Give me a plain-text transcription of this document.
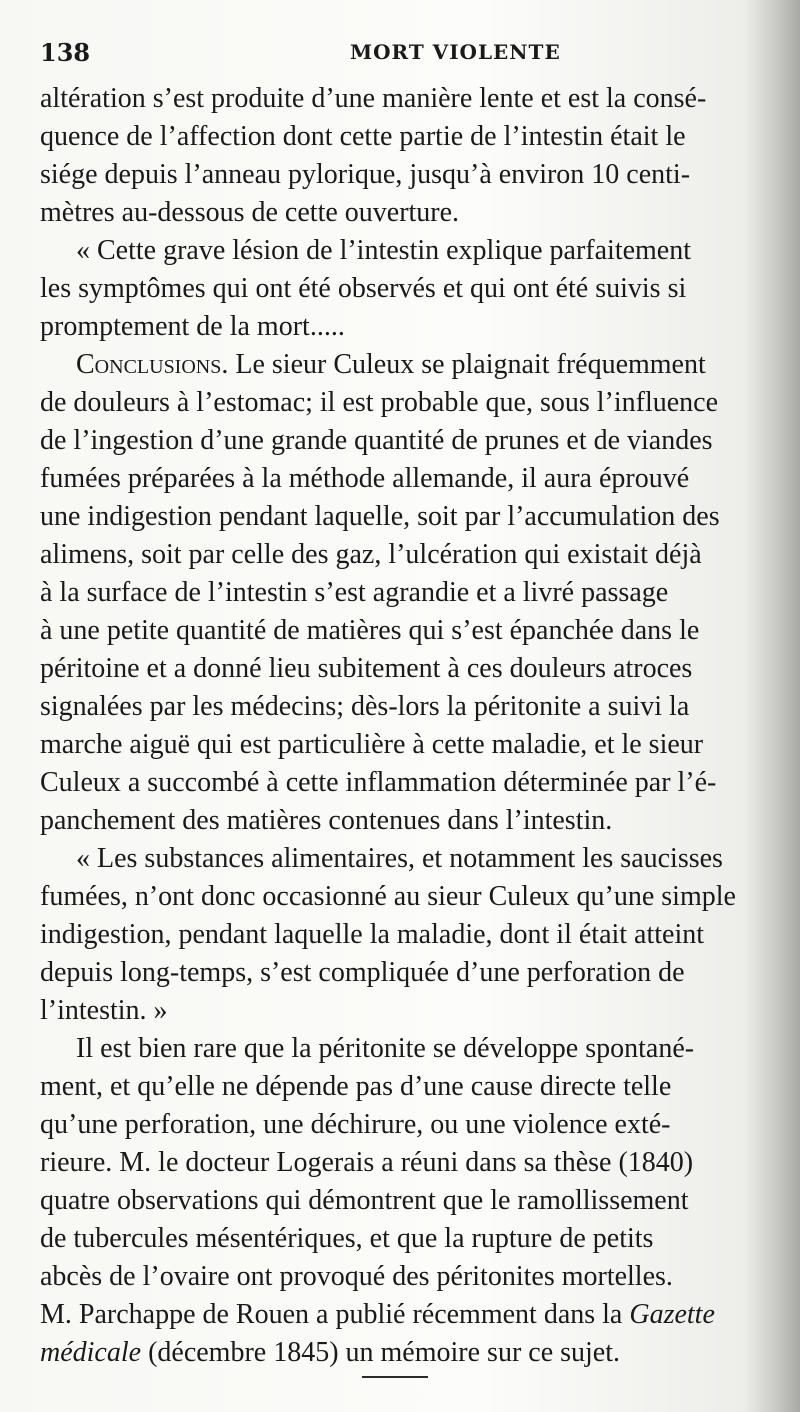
138	MORT VIOLENTE
altération s’est produite d’une manière lente et est la consé-
quence de l’affection dont cette partie de l’intestin était le
siége depuis l’anneau pylorique, jusqu’à environ 10 centi-
mètres au-dessous de cette ouverture.
« Cette grave lésion de l’intestin explique parfaitement
les symptômes qui ont été observés et qui ont été suivis si
promptement de la mort.....
Conclusions. Le sieur Culeux se plaignait fréquemment
de douleurs à l’estomac; il est probable que, sous l’influence
de l’ingestion d’une grande quantité de prunes et de viandes
fumées préparées à la méthode allemande, il aura éprouvé
une indigestion pendant laquelle, soit par l’accumulation des
alimens, soit par celle des gaz, l’ulcération qui existait déjà
à la surface de l’intestin s’est agrandie et a livré passage
à une petite quantité de matières qui s’est épanchée dans le
péritoine et a donné lieu subitement à ces douleurs atroces
signalées par les médecins; dès-lors la péritonite a suivi la
marche aiguë qui est particulière à cette maladie, et le sieur
Culeux a succombé à cette inflammation déterminée par l’é-
panchement des matières contenues dans l’intestin.
« Les substances alimentaires, et notamment les saucisses
fumées, n’ont donc occasionné au sieur Culeux qu’une simple
indigestion, pendant laquelle la maladie, dont il était atteint
depuis long-temps, s’est compliquée d’une perforation de
l’intestin. »
Il est bien rare que la péritonite se développe spontané-
ment, et qu’elle ne dépende pas d’une cause directe telle
qu’une perforation, une déchirure, ou une violence exté-
rieure. M. le docteur Logerais a réuni dans sa thèse (1840)
quatre observations qui démontrent que le ramollissement
de tubercules mésentériques, et que la rupture de petits
abcès de l’ovaire ont provoqué des péritonites mortelles.
M. Parchappe de Rouen a publié récemment dans la Gazette
médicale (décembre 1845) un mémoire sur ce sujet.
